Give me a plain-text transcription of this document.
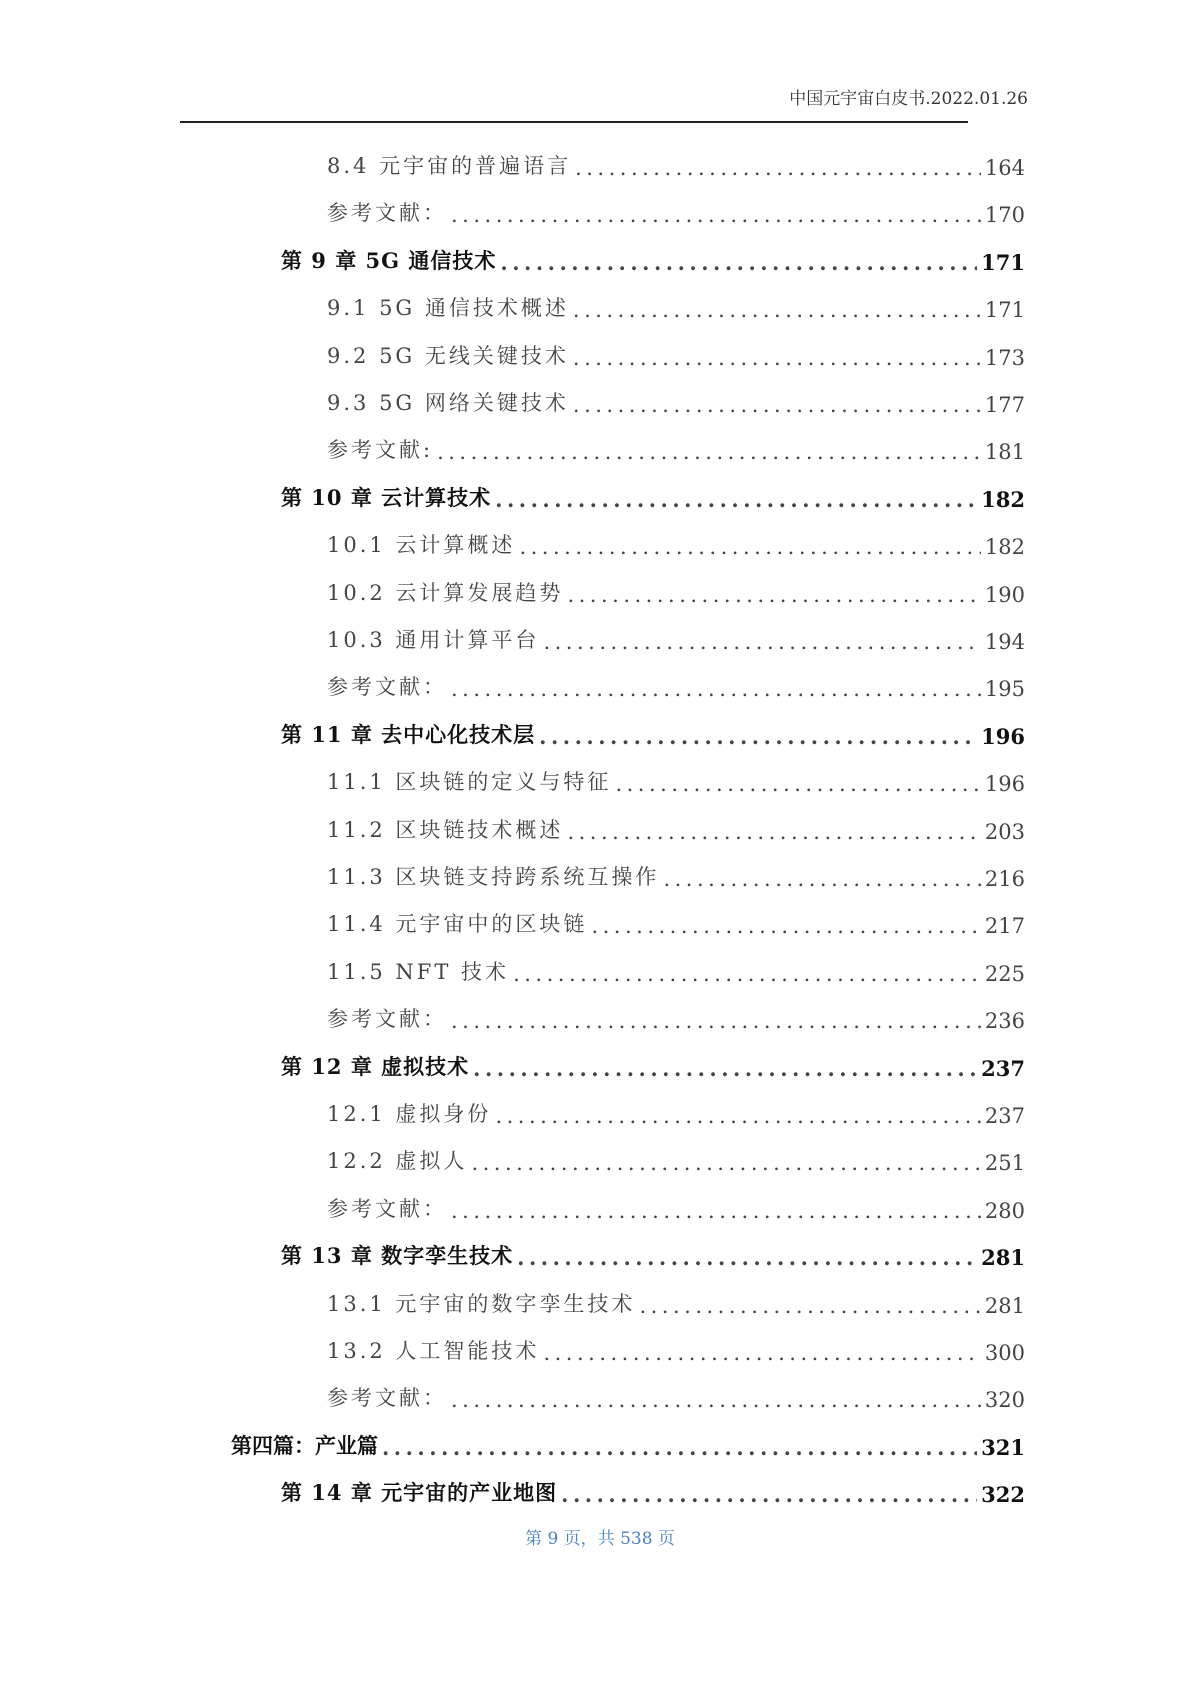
中国元宇宙白皮书.2022.01.26
8.4 元宇宙的普遍语言 .....	164
参考文献： .....	170
第 9 章 5G 通信技术 .....	171
9.1 5G 通信技术概述 .....	171
9.2 5G 无线关键技术 .....	173
9.3 5G 网络关键技术 .....	177
参考文献: .....	181
第 10 章 云计算技术 .....	182
10.1 云计算概述 .....	182
10.2 云计算发展趋势 .....	190
10.3 通用计算平台 .....	194
参考文献： .....	195
第 11 章 去中心化技术层 .....	196
11.1 区块链的定义与特征 .....	196
11.2 区块链技术概述 .....	203
11.3 区块链支持跨系统互操作 .....	216
11.4 元宇宙中的区块链 .....	217
11.5 NFT 技术 .....	225
参考文献： .....	236
第 12 章 虚拟技术 .....	237
12.1 虚拟身份 .....	237
12.2 虚拟人 .....	251
参考文献： .....	280
第 13 章 数字孪生技术 .....	281
13.1 元宇宙的数字孪生技术 .....	281
13.2 人工智能技术 .....	300
参考文献： .....	320
第四篇：产业篇 .....	321
第 14 章 元宇宙的产业地图 .....	322
第 9 页，共 538 页
